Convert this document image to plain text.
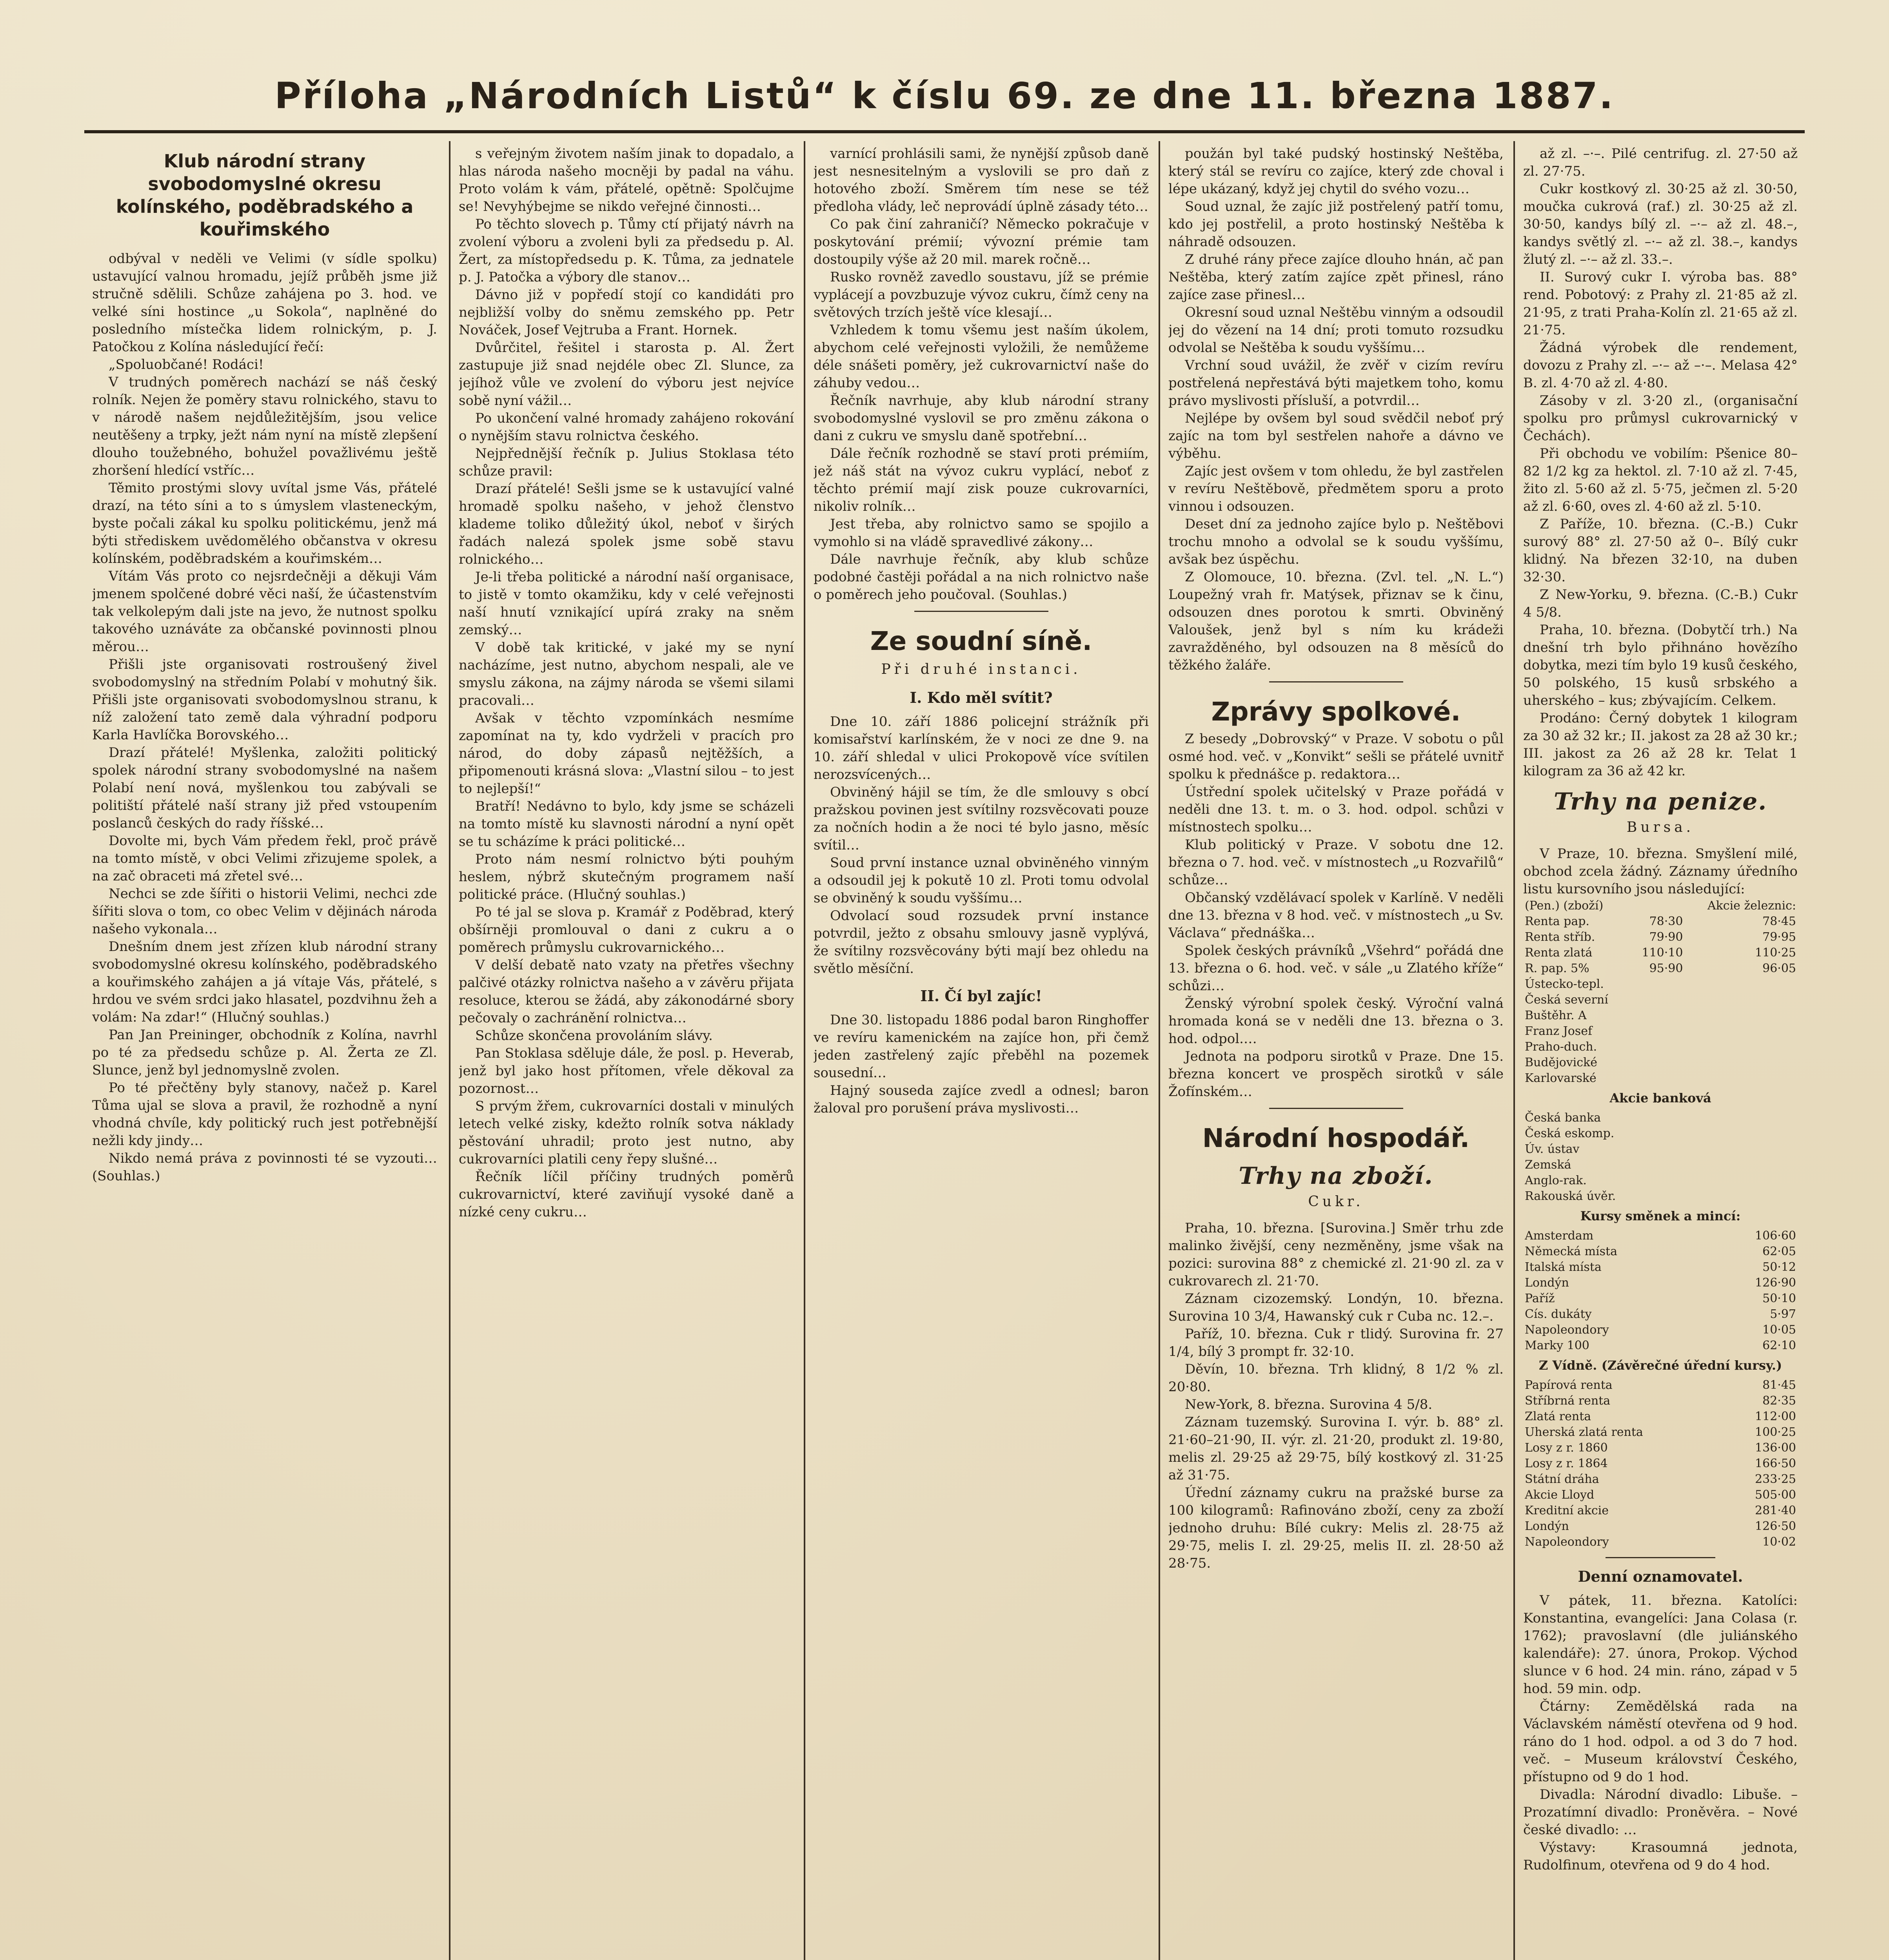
Příloha „Národních Listů“ k číslu 69. ze dne 11. března 1887.
Klub národní strany svobodomyslné okresu kolínského, poděbradského a kouřimského

odbýval v neděli ve Velimi (v sídle spolku) ustavující valnou hromadu, jejíž průběh jsme již stručně sdělili. Schůze zahájena po 3. hod. ve velké síni hostince „u Sokola“, naplněné do posledního místečka lidem rolnickým, p. J. Patočkou z Kolína následující řečí:

„Spoluobčané! Rodáci!

V trudných poměrech nachází se náš český rolník. Nejen že poměry stavu rolnického, stavu to v národě našem nejdůležitějším, jsou velice neutěšeny a trpky, ježt nám nyní na místě zlepšení dlouho toužebného, bohužel považlivému ještě zhoršení hledící vstříc…

Těmito prostými slovy uvítal jsme Vás, přátelé drazí, na této síni a to s úmyslem vlasteneckým, byste počali zákal ku spolku politickému, jenž má býti střediskem uvědomělého občanstva v okresu kolínském, poděbradském a kouřimském…

Vítám Vás proto co nejsrdečněji a děkuji Vám jmenem spolčené dobré věci naší, že účastenstvím tak velkolepým dali jste na jevo, že nutnost spolku takového uznáváte za občanské povinnosti plnou měrou…

Přišli jste organisovati rostroušený živel svobodomyslný na středním Polabí v mohutný šik. Přišli jste organisovati svobodomyslnou stranu, k níž založení tato země dala výhradní podporu Karla Havlíčka Borovského…

Drazí přátelé! Myšlenka, založiti politický spolek národní strany svobodomyslné na našem Polabí není nová, myšlenkou tou zabývali se politiští přátelé naší strany již před vstoupením poslanců českých do rady říšské…

Dovolte mi, bych Vám předem řekl, proč právě na tomto místě, v obci Velimi zřizujeme spolek, a na zač obraceti má zřetel své…

Nechci se zde šířiti o historii Velimi, nechci zde šířiti slova o tom, co obec Velim v dějinách národa našeho vykonala…

Dnešním dnem jest zřízen klub národní strany svobodomyslné okresu kolínského, poděbradského a kouřimského zahájen a já vítaje Vás, přátelé, s hrdou ve svém srdci jako hlasatel, pozdvihnu žeh a volám: Na zdar!“ (Hlučný souhlas.)

Pan Jan Preininger, obchodník z Kolína, navrhl po té za předsedu schůze p. Al. Žerta ze Zl. Slunce, jenž byl jednomyslně zvolen.

Po té přečtěny byly stanovy, načež p. Karel Tůma ujal se slova a pravil, že rozhodně a nyní vhodná chvíle, kdy politický ruch jest potřebnější nežli kdy jindy…

Nikdo nemá práva z povinnosti té se vyzouti… (Souhlas.)

s veřejným životem naším jinak to dopadalo, a hlas národa našeho mocněji by padal na váhu. Proto volám k vám, přátelé, opětně: Spolčujme se! Nevyhýbejme se nikdo veřejné činnosti…

Po těchto slovech p. Tůmy ctí přijatý návrh na zvolení výboru a zvoleni byli za předsedu p. Al. Žert, za místopředsedu p. K. Tůma, za jednatele p. J. Patočka a výbory dle stanov…

Dávno již v popředí stojí co kandidáti pro nejbližší volby do sněmu zemského pp. Petr Nováček, Josef Vejtruba a Frant. Hornek.

Dvůrčitel, řešitel i starosta p. Al. Žert zastupuje již snad nejdéle obec Zl. Slunce, za jejíhož vůle ve zvolení do výboru jest nejvíce sobě nyní vážil…

Po ukončení valné hromady zahájeno rokování o nynějším stavu rolnictva českého.

Nejpřednější řečník p. Julius Stoklasa této schůze pravil:

Drazí přátelé! Sešli jsme se k ustavující valné hromadě spolku našeho, v jehož členstvo klademe toliko důležitý úkol, neboť v širých řadách nalezá spolek jsme sobě stavu rolnického…

Je-li třeba politické a národní naší organisace, to jistě v tomto okamžiku, kdy v celé veřejnosti naší hnutí vznikající upírá zraky na sněm zemský…

V době tak kritické, v jaké my se nyní nacházíme, jest nutno, abychom nespali, ale ve smyslu zákona, na zájmy národa se všemi silami pracovali…

Avšak v těchto vzpomínkách nesmíme zapomínat na ty, kdo vydrželi v pracích pro národ, do doby zápasů nejtěžších, a připomenouti krásná slova: „Vlastní silou – to jest to nejlepší!“

Bratří! Nedávno to bylo, kdy jsme se scházeli na tomto místě ku slavnosti národní a nyní opět se tu scházíme k práci politické…

Proto nám nesmí rolnictvo býti pouhým heslem, nýbrž skutečným programem naší politické práce. (Hlučný souhlas.)

Po té jal se slova p. Kramář z Poděbrad, který obšírněji promlouval o dani z cukru a o poměrech průmyslu cukrovarnického…

V delší debatě nato vzaty na přetřes všechny palčivé otázky rolnictva našeho a v závěru přijata resoluce, kterou se žádá, aby zákonodárné sbory pečovaly o zachránění rolnictva…

Schůze skončena provoláním slávy.

Pan Stoklasa sděluje dále, že posl. p. Heverab, jenž byl jako host přítomen, vřele děkoval za pozornost…

S prvým žřem, cukrovarníci dostali v minulých letech velké zisky, kdežto rolník sotva náklady pěstování uhradil; proto jest nutno, aby cukrovarníci platili ceny řepy slušné…

Řečník líčil příčiny trudných poměrů cukrovarnictví, které zaviňují vysoké daně a nízké ceny cukru…

varnící prohlásili sami, že nynější způsob daně jest nesnesitelným a vyslovili se pro daň z hotového zboží. Směrem tím nese se též předloha vlády, leč neprovádí úplně zásady této…

Co pak činí zahraničí? Německo pokračuje v poskytování prémií; vývozní prémie tam dostoupily výše až 20 mil. marek ročně…

Rusko rovněž zavedlo soustavu, jíž se prémie vyplácejí a povzbuzuje vývoz cukru, čímž ceny na světových trzích ještě více klesají…

Vzhledem k tomu všemu jest naším úkolem, abychom celé veřejnosti vyložili, že nemůžeme déle snášeti poměry, jež cukrovarnictví naše do záhuby vedou…

Řečník navrhuje, aby klub národní strany svobodomyslné vyslovil se pro změnu zákona o dani z cukru ve smyslu daně spotřební…

Dále řečník rozhodně se staví proti prémiím, jež náš stát na vývoz cukru vyplácí, neboť z těchto prémií mají zisk pouze cukrovarníci, nikoliv rolník…

Jest třeba, aby rolnictvo samo se spojilo a vymohlo si na vládě spravedlivé zákony…

Dále navrhuje řečník, aby klub schůze podobné častěji pořádal a na nich rolnictvo naše o poměrech jeho poučoval. (Souhlas.)

Ze soudní síně.
Při druhé instanci.
I. Kdo měl svítit?

Dne 10. září 1886 policejní strážník při komisařství karlínském, že v noci ze dne 9. na 10. září shledal v ulici Prokopově více svítilen nerozsvícených…

Obviněný hájil se tím, že dle smlouvy s obcí pražskou povinen jest svítilny rozsvěcovati pouze za nočních hodin a že noci té bylo jasno, měsíc svítil…

Soud první instance uznal obviněného vinným a odsoudil jej k pokutě 10 zl. Proti tomu odvolal se obviněný k soudu vyššímu…

Odvolací soud rozsudek první instance potvrdil, ježto z obsahu smlouvy jasně vyplývá, že svítilny rozsvěcovány býti mají bez ohledu na světlo měsíční.

II. Čí byl zajíc!

Dne 30. listopadu 1886 podal baron Ringhoffer ve revíru kamenickém na zajíce hon, při čemž jeden zastřelený zajíc přeběhl na pozemek sousední…

Hajný souseda zajíce zvedl a odnesl; baron žaloval pro porušení práva myslivosti…

použán byl také pudský hostinský Neštěba, který stál se revíru co zajíce, který zde choval i lépe ukázaný, když jej chytil do svého vozu…

Soud uznal, že zajíc již postřelený patří tomu, kdo jej postřelil, a proto hostinský Neštěba k náhradě odsouzen.

Z druhé rány přece zajíce dlouho hnán, ač pan Neštěba, který zatím zajíce zpět přinesl, ráno zajíce zase přinesl…

Okresní soud uznal Neštěbu vinným a odsoudil jej do vězení na 14 dní; proti tomuto rozsudku odvolal se Neštěba k soudu vyššímu…

Vrchní soud uvážil, že zvěř v cizím revíru postřelená nepřestává býti majetkem toho, komu právo myslivosti přísluší, a potvrdil…

Nejlépe by ovšem byl soud svědčil neboť prý zajíc na tom byl sestřelen nahoře a dávno ve výběhu.

Zajíc jest ovšem v tom ohledu, že byl zastřelen v revíru Neštěbově, předmětem sporu a proto vinnou i odsouzen.

Deset dní za jednoho zajíce bylo p. Neštěbovi trochu mnoho a odvolal se k soudu vyššímu, avšak bez úspěchu.

Z Olomouce, 10. března. (Zvl. tel. „N. L.“) Loupežný vrah fr. Matýsek, přiznav se k činu, odsouzen dnes porotou k smrti. Obviněný Valoušek, jenž byl s ním ku krádeži zavražděného, byl odsouzen na 8 měsíců do těžkého žaláře.

Zprávy spolkové.

Z besedy „Dobrovský“ v Praze. V sobotu o půl osmé hod. več. v „Konvikt“ sešli se přátelé uvnitř spolku k přednášce p. redaktora…

Ústřední spolek učitelský v Praze pořádá v neděli dne 13. t. m. o 3. hod. odpol. schůzi v místnostech spolku…

Klub politický v Praze. V sobotu dne 12. března o 7. hod. več. v místnostech „u Rozvařilů“ schůze…

Občanský vzdělávací spolek v Karlíně. V neděli dne 13. března v 8 hod. več. v místnostech „u Sv. Václava“ přednáška…

Spolek českých právníků „Všehrd“ pořádá dne 13. března o 6. hod. več. v sále „u Zlatého kříže“ schůzi…

Ženský výrobní spolek český. Výroční valná hromada koná se v neděli dne 13. března o 3. hod. odpol.…

Jednota na podporu sirotků v Praze. Dne 15. března koncert ve prospěch sirotků v sále Žofínském…

Národní hospodář.
Trhy na zboží.
Cukr.

Praha, 10. března. [Surovina.] Směr trhu zde malinko živější, ceny nezměněny, jsme však na pozici: surovina 88° z chemické zl. 21·90 zl. za v cukrovarech zl. 21·70.

Záznam cizozemský. Londýn, 10. března. Surovina 10 3/4, Hawanský cuk r Cuba nc. 12.–.

Paříž, 10. března. Cuk r tlidý. Surovina fr. 27 1/4, bílý 3 prompt fr. 32·10.

Děvín, 10. března. Trh klidný, 8 1/2 % zl. 20·80.

New-York, 8. března. Surovina 4 5/8.

Záznam tuzemský. Surovina I. výr. b. 88° zl. 21·60–21·90, II. výr. zl. 21·20, produkt zl. 19·80, melis zl. 29·25 až 29·75, bílý kostkový zl. 31·25 až 31·75.

Úřední záznamy cukru na pražské burse za 100 kilogramů: Rafinováno zboží, ceny za zboží jednoho druhu: Bílé cukry: Melis zl. 28·75 až 29·75, melis I. zl. 29·25, melis II. zl. 28·50 až 28·75.

až zl. –·–. Pilé centrifug. zl. 27·50 až zl. 27·75.

Cukr kostkový zl. 30·25 až zl. 30·50, moučka cukrová (raf.) zl. 30·25 až zl. 30·50, kandys bílý zl. –·– až zl. 48.–, kandys světlý zl. –·– až zl. 38.–, kandys žlutý zl. –·– až zl. 33.–.

II. Surový cukr I. výroba bas. 88° rend. Pobotový: z Prahy zl. 21·85 až zl. 21·95, z trati Praha-Kolín zl. 21·65 až zl. 21·75.

Žádná výrobek dle rendement, dovozu z Prahy zl. –·– až –·–. Melasa 42° B. zl. 4·70 až zl. 4·80.

Zásoby v zl. 3·20 zl., (organisační spolku pro průmysl cukrovarnický v Čechách).

Při obchodu ve vobilím: Pšenice 80–82 1/2 kg za hektol. zl. 7·10 až zl. 7·45, žito zl. 5·60 až zl. 5·75, ječmen zl. 5·20 až zl. 6·60, oves zl. 4·60 až zl. 5·10.

Z Paříže, 10. března. (C.-B.) Cukr surový 88° zl. 27·50 až 0–. Bílý cukr klidný. Na březen 32·10, na duben 32·30.

Z New-Yorku, 9. března. (C.-B.) Cukr 4 5/8.

Praha, 10. března. (Dobytčí trh.) Na dnešní trh bylo přihnáno hovězího dobytka, mezi tím bylo 19 kusů českého, 50 polského, 15 kusů srbského a uherského – kus; zbývajícím. Celkem.

Prodáno: Černý dobytek 1 kilogram za 30 až 32 kr.; II. jakost za 28 až 30 kr.; III. jakost za 26 až 28 kr. Telat 1 kilogram za 36 až 42 kr.

Trhy na penize.
Bursa.

V Praze, 10. března. Smyšlení milé, obchod zcela žádný. Záznamy úředního listu kursovního jsou následující:

(Pen.) (zboží)		Akcie železnic:
Renta pap.	78·30	78·45
Renta stříb.	79·90	79·95
Renta zlatá	110·10	110·25
R. pap. 5%	95·90	96·05
Ústecko-tepl.		
Česká severní		
Buštěhr. A		
Franz Josef		
Praho-duch.		
Budějovické		
Karlovarské		
Akcie banková
Česká banka		
Česká eskomp.		
Úv. ústav		
Zemská		
Anglo-rak.		
Rakouská úvěr.		
Kursy směnek a mincí:
Amsterdam	106·60
Německá místa	62·05
Italská místa	50·12
Londýn	126·90
Paříž	50·10
Cís. dukáty	5·97
Napoleondory	10·05
Marky 100	62·10
Z Vídně. (Závěrečné úřední kursy.)
Papírová renta	81·45
Stříbrná renta	82·35
Zlatá renta	112·00
Uherská zlatá renta	100·25
Losy z r. 1860	136·00
Losy z r. 1864	166·50
Státní dráha	233·25
Akcie Lloyd	505·00
Kreditní akcie	281·40
Londýn	126·50
Napoleondory	10·02
Denní oznamovatel.

V pátek, 11. března. Katolíci: Konstantina, evangelíci: Jana Colasa (r. 1762); pravoslavní (dle juliánského kalendáře): 27. února, Prokop. Východ slunce v 6 hod. 24 min. ráno, západ v 5 hod. 59 min. odp.

Čtárny: Zemědělská rada na Václavském náměstí otevřena od 9 hod. ráno do 1 hod. odpol. a od 3 do 7 hod. več. – Museum království Českého, přístupno od 9 do 1 hod.

Divadla: Národní divadlo: Libuše. – Prozatímní divadlo: Proněvěra. – Nové české divadlo: …

Výstavy: Krasoumná jednota, Rudolfinum, otevřena od 9 do 4 hod.
